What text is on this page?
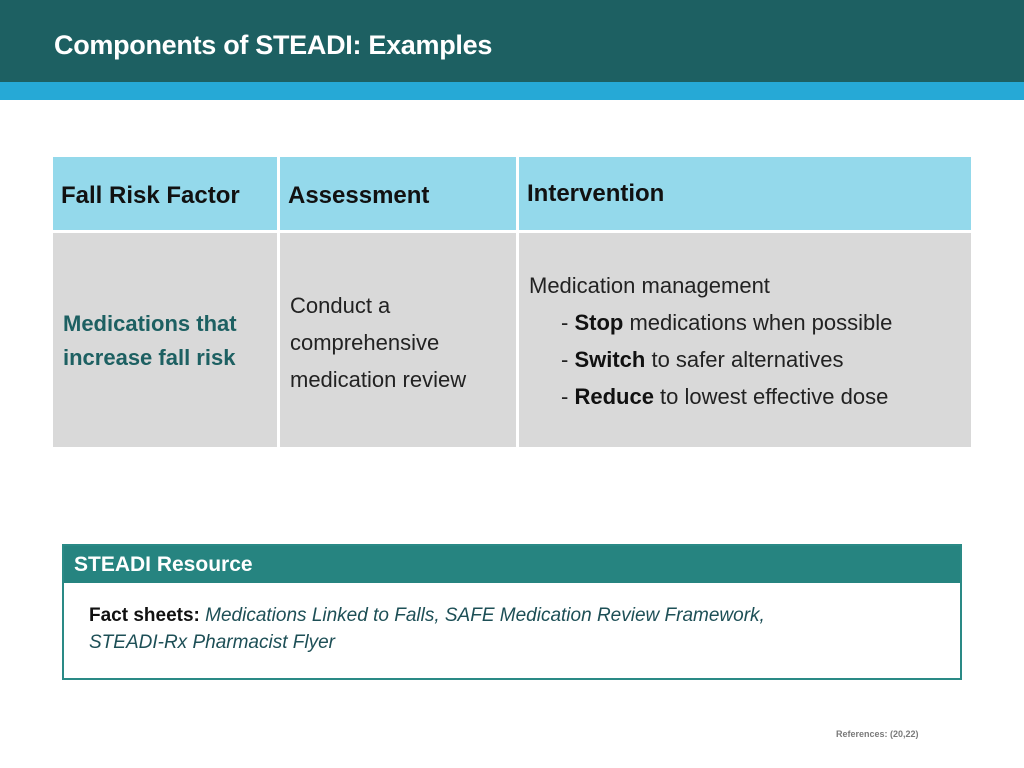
Components of STEADI: Examples
Fall Risk Factor Assessment	Intervention
Medications that
increase fall risk
Conduct a
comprehensive
medication review
Medication management
- Stop medications when possible
- Switch to safer alternatives
- Reduce to lowest effective dose
STEADI Resource
Fact sheets: Medications Linked to Falls, SAFE Medication Review Framework,
STEADI-Rx Pharmacist Flyer
References: (20,22)
